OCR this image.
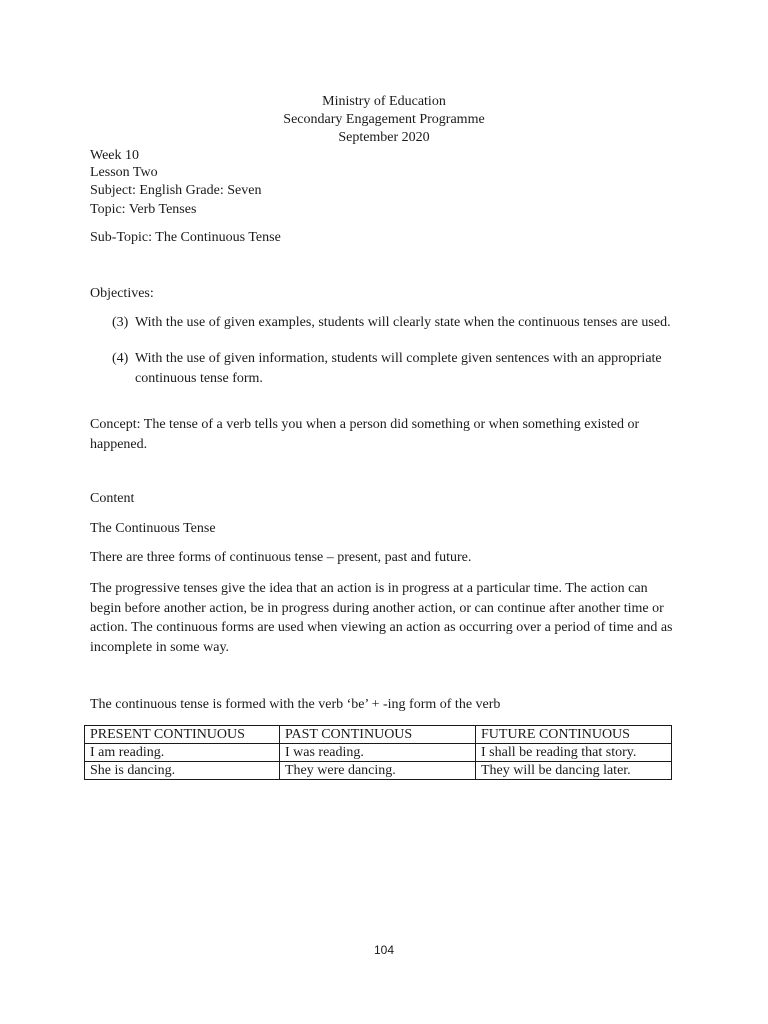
Ministry of Education
Secondary Engagement Programme
September 2020
Week 10
Lesson Two
Subject: English Grade: Seven
Topic: Verb Tenses
Sub-Topic: The Continuous Tense
Objectives:
(3) With the use of given examples, students will clearly state when the continuous tenses are used.
(4) With the use of given information, students will complete given sentences with an appropriate continuous tense form.
Concept: The tense of a verb tells you when a person did something or when something existed or happened.
Content
The Continuous Tense
There are three forms of continuous tense – present, past and future.
The progressive tenses give the idea that an action is in progress at a particular time. The action can begin before another action, be in progress during another action, or can continue after another time or action. The continuous forms are used when viewing an action as occurring over a period of time and as incomplete in some way.
The continuous tense is formed with the verb ‘be’ + -ing form of the verb
PRESENT CONTINUOUS	PAST CONTINUOUS	FUTURE CONTINUOUS
I am reading.	I was reading.	I shall be reading that story.
She is dancing.	They were dancing.	They will be dancing later.
104
